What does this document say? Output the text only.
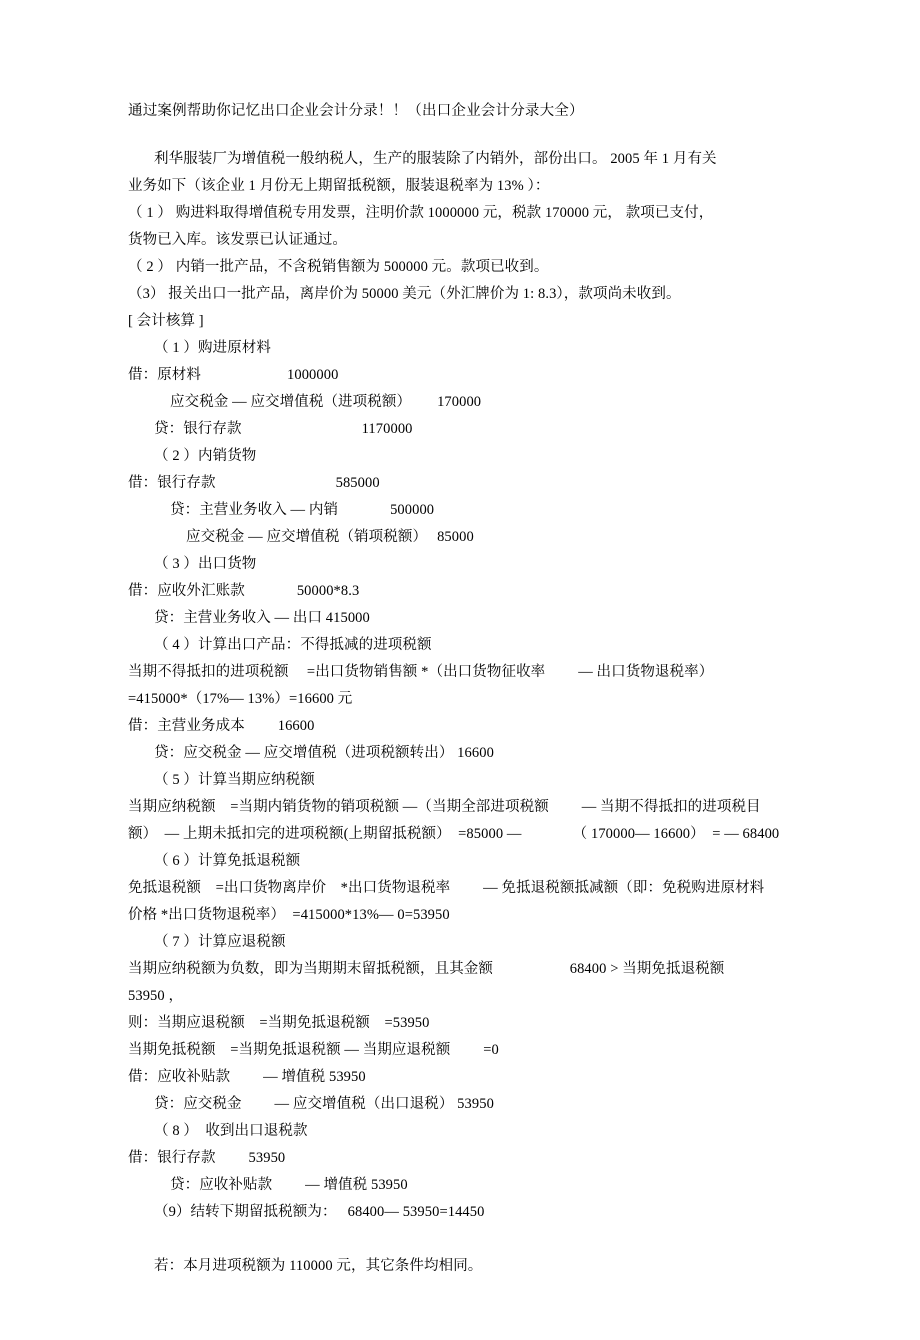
通过案例帮助你记忆出口企业会计分录！！（出口企业会计分录大全）

利华服装厂为增值税一般纳税人，生产的服装除了内销外，部份出口。 2005 年 1 月有关

业务如下（该企业 1 月份无上期留抵税额，服装退税率为 13% ）：

（ 1 ） 购进料取得增值税专用发票，注明价款 1000000 元，税款 170000 元， 款项已支付，

货物已入库。该发票已认证通过。

（ 2 ） 内销一批产品，不含税销售额为 500000 元。款项已收到。

（3） 报关出口一批产品，离岸价为 50000 美元（外汇牌价为 1: 8.3），款项尚未收到。

[ 会计核算 ]

（ 1 ）购进原材料

借：原材料	1000000

应交税金 — 应交增值税（进项税额） 170000

贷：银行存款	1170000

（ 2 ）内销货物

借：银行存款	585000

贷：主营业务收入 — 内销	500000

应交税金 — 应交增值税（销项税额） 85000

（ 3 ）出口货物

借：应收外汇账款	50000*8.3

贷：主营业务收入 — 出口 415000

（ 4 ）计算出口产品：不得抵减的进项税额

当期不得抵扣的进项税额　 =出口货物销售额 *（出口货物征收率　　 — 出口货物退税率）

=415000*（17%— 13%）=16600 元

借：主营业务成本　　 16600

贷：应交税金 — 应交增值税（进项税额转出） 16600

（ 5 ）计算当期应纳税额

当期应纳税额　=当期内销货物的销项税额 —（当期全部进项税额　　 — 当期不得抵扣的进项税目

额）  — 上期未抵扣完的进项税额(上期留抵税额）  =85000 —　　　　（ 170000— 16600）  = — 68400

（ 6 ）计算免抵退税额

免抵退税额　=出口货物离岸价　*出口货物退税率　　 — 免抵退税额抵减额（即：免税购进原材料

价格 *出口货物退税率）　=415000*13%— 0=53950

（ 7 ）计算应退税额

当期应纳税额为负数，即为当期期末留抵税额，且其金额　　　　　 68400 > 当期免抵退税额　　 53950 ，

则：当期应退税额　=当期免抵退税额　=53950

当期免抵税额　=当期免抵退税额 — 当期应退税额　　 =0

借：应收补贴款　　 — 增值税 53950

贷：应交税金　　 — 应交增值税（出口退税） 53950

（ 8 ）　收到出口退税款

借：银行存款　　 53950

贷：应收补贴款　　 — 增值税 53950

（9）结转下期留抵税额为：　 68400— 53950=14450

若：本月进项税额为 110000 元，其它条件均相同。
